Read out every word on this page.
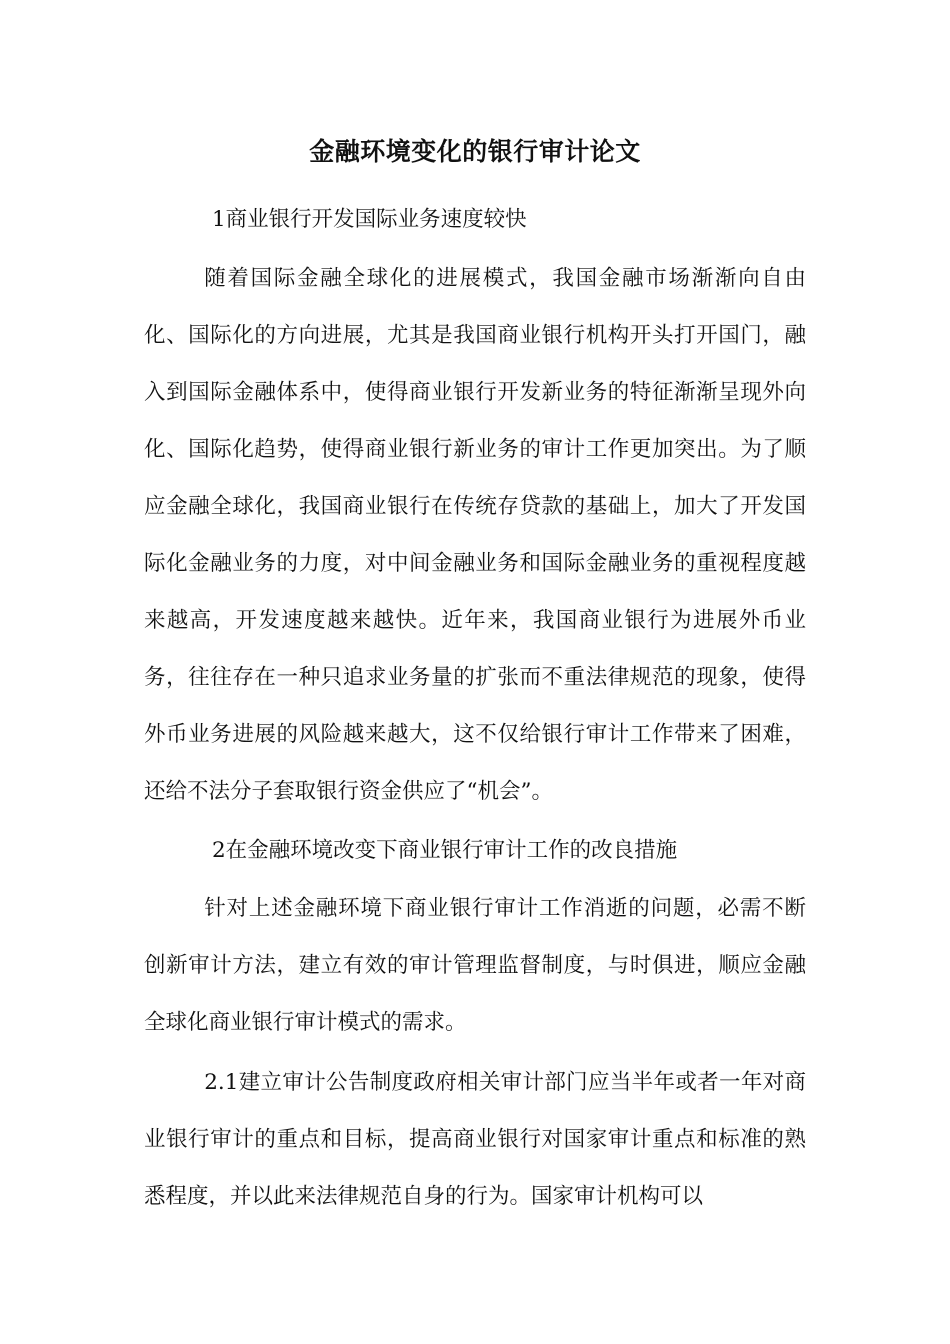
金融环境变化的银行审计论文

1商业银行开发国际业务速度较快

随着国际金融全球化的进展模式，我国金融市场渐渐向自由化、国际化的方向进展，尤其是我国商业银行机构开头打开国门，融入到国际金融体系中，使得商业银行开发新业务的特征渐渐呈现外向化、国际化趋势，使得商业银行新业务的审计工作更加突出。为了顺应金融全球化，我国商业银行在传统存贷款的基础上，加大了开发国际化金融业务的力度，对中间金融业务和国际金融业务的重视程度越来越高，开发速度越来越快。近年来，我国商业银行为进展外币业务，往往存在一种只追求业务量的扩张而不重法律规范的现象，使得外币业务进展的风险越来越大，这不仅给银行审计工作带来了困难，还给不法分子套取银行资金供应了“机会”。

2在金融环境改变下商业银行审计工作的改良措施

针对上述金融环境下商业银行审计工作消逝的问题，必需不断创新审计方法，建立有效的审计管理监督制度，与时俱进，顺应金融全球化商业银行审计模式的需求。

2.1建立审计公告制度政府相关审计部门应当半年或者一年对商业银行审计的重点和目标，提高商业银行对国家审计重点和标准的熟悉程度，并以此来法律规范自身的行为。国家审计机构可以
